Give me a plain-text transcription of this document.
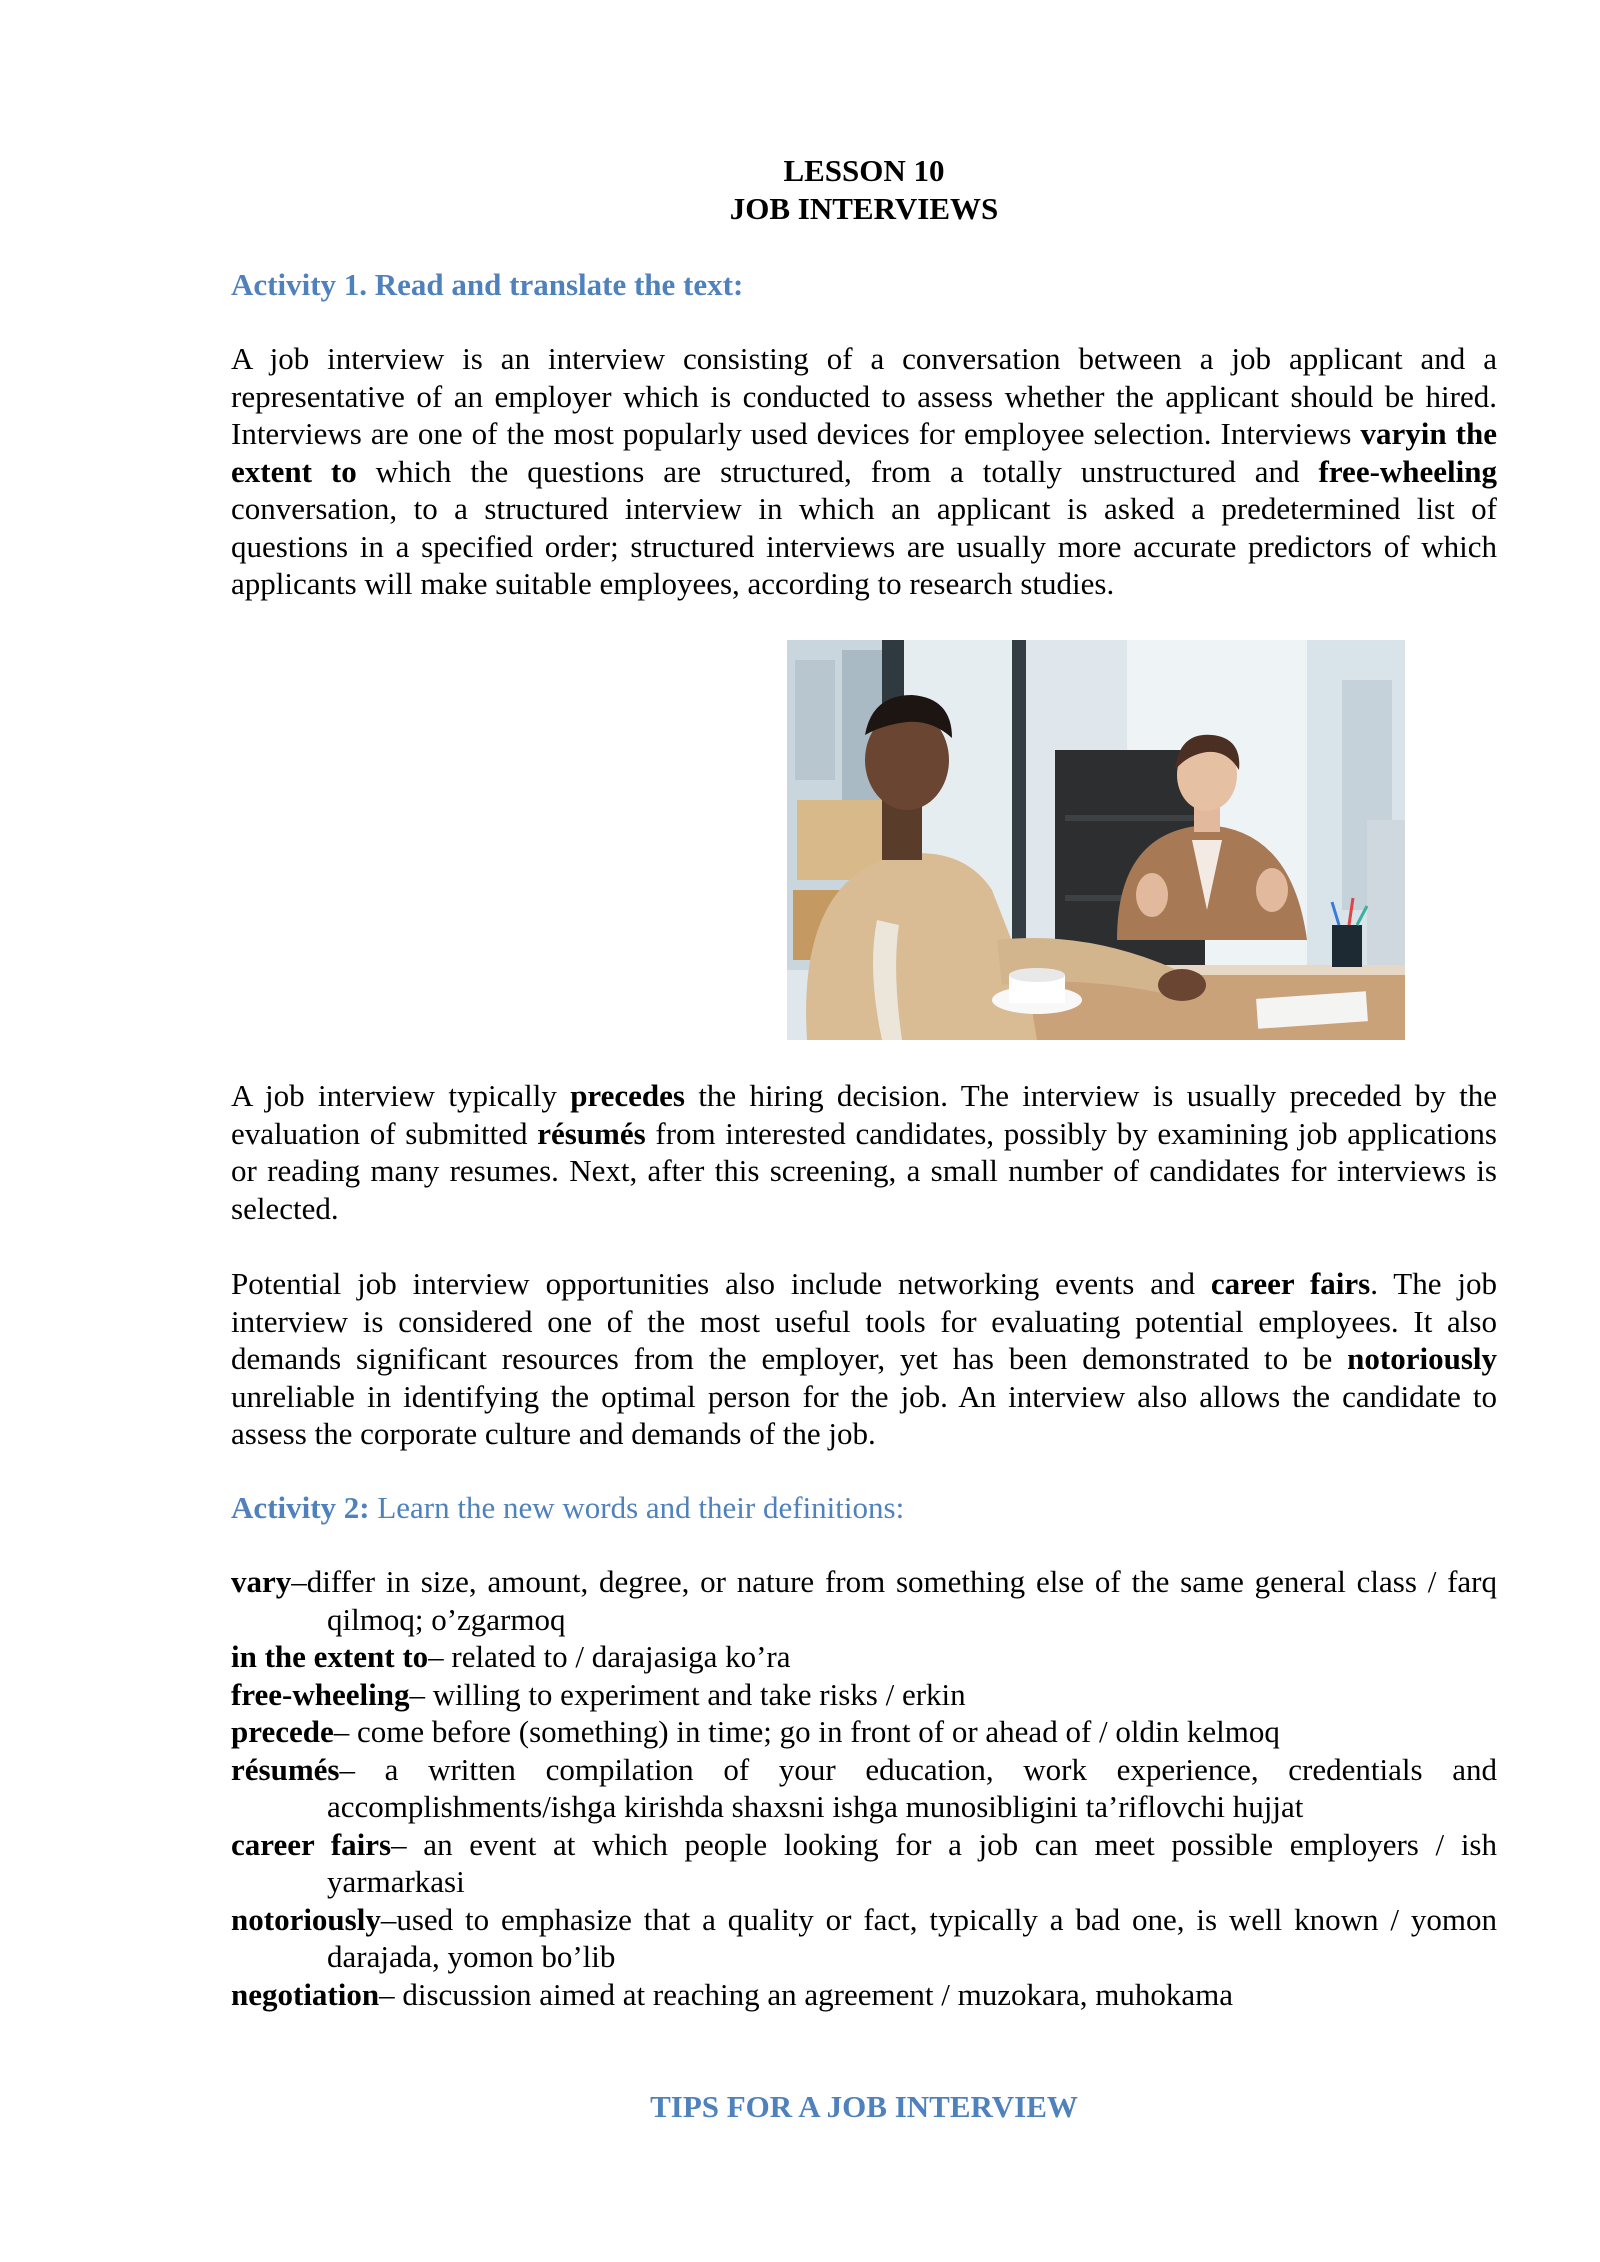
LESSON 10
JOB INTERVIEWS
Activity 1. Read and translate the text:

A job interview is an interview consisting of a conversation between a job applicant and a representative of an employer which is conducted to assess whether the applicant should be hired. Interviews are one of the most popularly used devices for employee selection. Interviews varyin the extent to which the questions are structured, from a totally unstructured and free-wheeling conversation, to a structured interview in which an applicant is asked a predetermined list of questions in a specified order; structured interviews are usually more accurate predictors of which applicants will make suitable employees, according to research studies.

A job interview typically precedes the hiring decision. The interview is usually preceded by the evaluation of submitted résumés from interested candidates, possibly by examining job applications or reading many resumes. Next, after this screening, a small number of candidates for interviews is selected.

Potential job interview opportunities also include networking events and career fairs. The job interview is considered one of the most useful tools for evaluating potential employees. It also demands significant resources from the employer, yet has been demonstrated to be notoriously unreliable in identifying the optimal person for the job. An interview also allows the candidate to assess the corporate culture and demands of the job.

Activity 2: Learn the new words and their definitions:

vary–differ in size, amount, degree, or nature from something else of the same general class / farq qilmoq; o’zgarmoq

in the extent to– related to / darajasiga ko’ra

free-wheeling– willing to experiment and take risks / erkin

precede– come before (something) in time; go in front of or ahead of / oldin kelmoq

résumés– a written compilation of your education, work experience, credentials and accomplishments/ishga kirishda shaxsni ishga munosibligini ta’riflovchi hujjat

career fairs– an event at which people looking for a job can meet possible employers / ish yarmarkasi

notoriously–used to emphasize that a quality or fact, typically a bad one, is well known / yomon darajada, yomon bo’lib

negotiation– discussion aimed at reaching an agreement / muzokara, muhokama

TIPS FOR A JOB INTERVIEW
